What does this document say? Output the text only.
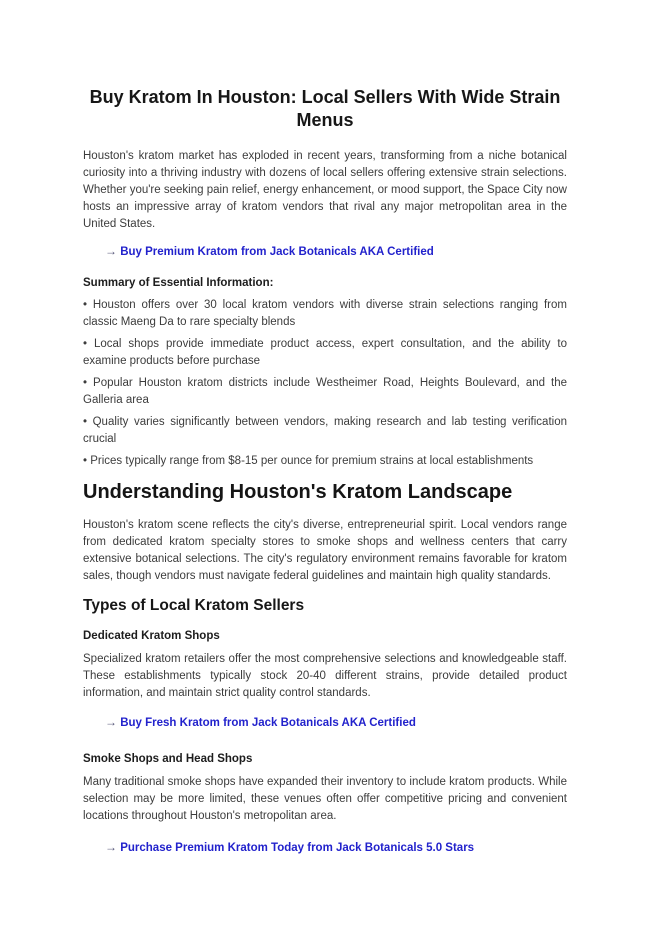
Buy Kratom In Houston: Local Sellers With Wide Strain Menus

Houston's kratom market has exploded in recent years, transforming from a niche botanical curiosity into a thriving industry with dozens of local sellers offering extensive strain selections. Whether you're seeking pain relief, energy enhancement, or mood support, the Space City now hosts an impressive array of kratom vendors that rival any major metropolitan area in the United States.

→ Buy Premium Kratom from Jack Botanicals AKA Certified
Summary of Essential Information:

• Houston offers over 30 local kratom vendors with diverse strain selections ranging from classic Maeng Da to rare specialty blends

• Local shops provide immediate product access, expert consultation, and the ability to examine products before purchase

• Popular Houston kratom districts include Westheimer Road, Heights Boulevard, and the Galleria area

• Quality varies significantly between vendors, making research and lab testing verification crucial

• Prices typically range from $8-15 per ounce for premium strains at local establishments

Understanding Houston's Kratom Landscape

Houston's kratom scene reflects the city's diverse, entrepreneurial spirit. Local vendors range from dedicated kratom specialty stores to smoke shops and wellness centers that carry extensive botanical selections. The city's regulatory environment remains favorable for kratom sales, though vendors must navigate federal guidelines and maintain high quality standards.

Types of Local Kratom Sellers
Dedicated Kratom Shops

Specialized kratom retailers offer the most comprehensive selections and knowledgeable staff. These establishments typically stock 20-40 different strains, provide detailed product information, and maintain strict quality control standards.

→ Buy Fresh Kratom from Jack Botanicals AKA Certified
Smoke Shops and Head Shops

Many traditional smoke shops have expanded their inventory to include kratom products. While selection may be more limited, these venues often offer competitive pricing and convenient locations throughout Houston's metropolitan area.

→ Purchase Premium Kratom Today from Jack Botanicals 5.0 Stars
